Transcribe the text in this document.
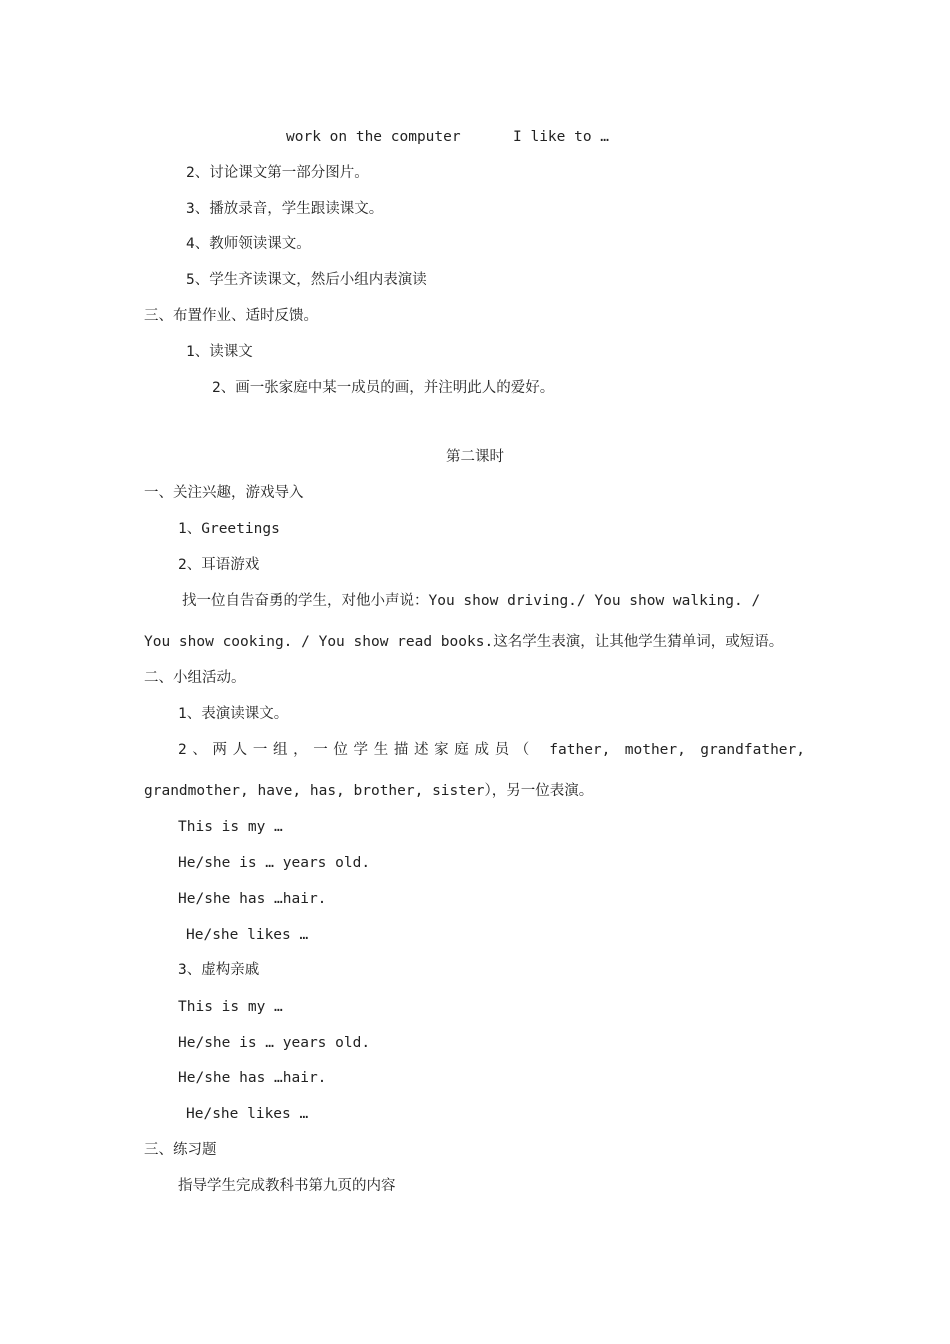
work on the computer	I like to …
2、讨论课文第一部分图片。
3、播放录音，学生跟读课文。
4、教师领读课文。
5、学生齐读课文，然后小组内表演读
三、布置作业、适时反馈。
1、读课文
2、画一张家庭中某一成员的画，并注明此人的爱好。
第二课时
一、关注兴趣，游戏导入
1、Greetings
2、耳语游戏
找一位自告奋勇的学生，对他小声说：You show driving./ You show walking. /
You show cooking. / You show read books.这名学生表演，让其他学生猜单词，或短语。
二、小组活动。
1、表演读课文。
2、两人一组，一位学生描述家庭成员（ father, mother, grandfather,
grandmother, have, has, brother, sister），另一位表演。
This is my …
He/she is … years old.
He/she has …hair.
He/she likes …
3、虚构亲戚
This is my …
He/she is … years old.
He/she has …hair.
He/she likes …
三、练习题
指导学生完成教科书第九页的内容
